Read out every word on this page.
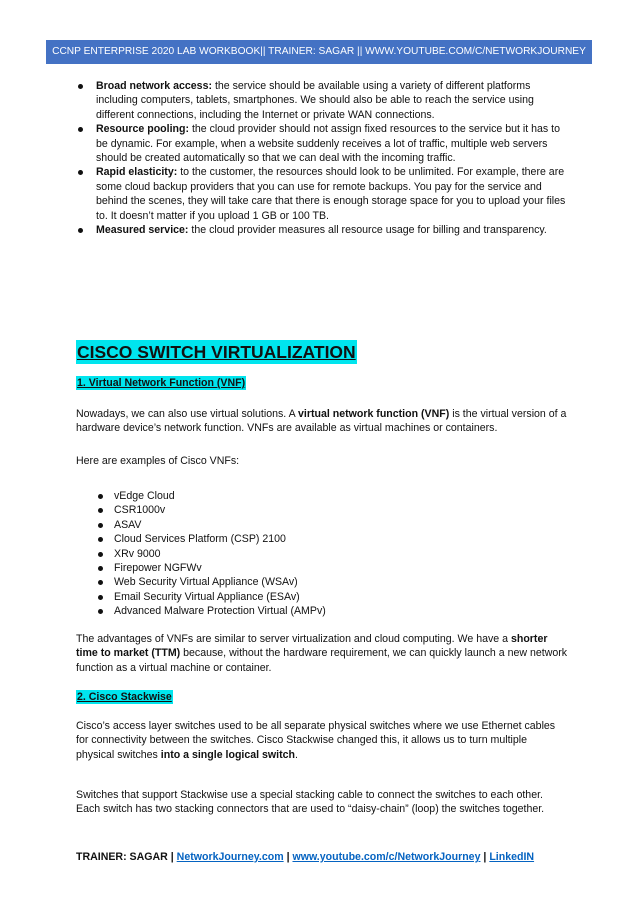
CCNP ENTERPRISE 2020 LAB WORKBOOK|| TRAINER: SAGAR || WWW.YOUTUBE.COM/C/NETWORKJOURNEY
Broad network access: the service should be available using a variety of different platforms including computers, tablets, smartphones. We should also be able to reach the service using different connections, including the Internet or private WAN connections.
Resource pooling: the cloud provider should not assign fixed resources to the service but it has to be dynamic. For example, when a website suddenly receives a lot of traffic, multiple web servers should be created automatically so that we can deal with the incoming traffic.
Rapid elasticity: to the customer, the resources should look to be unlimited. For example, there are some cloud backup providers that you can use for remote backups. You pay for the service and behind the scenes, they will take care that there is enough storage space for you to upload your files to. It doesn’t matter if you upload 1 GB or 100 TB.
Measured service: the cloud provider measures all resource usage for billing and transparency.
CISCO SWITCH VIRTUALIZATION
1. Virtual Network Function (VNF)

Nowadays, we can also use virtual solutions. A virtual network function (VNF) is the virtual version of a hardware device’s network function. VNFs are available as virtual machines or containers.

Here are examples of Cisco VNFs:

vEdge Cloud
CSR1000v
ASAV
Cloud Services Platform (CSP) 2100
XRv 9000
Firepower NGFWv
Web Security Virtual Appliance (WSAv)
Email Security Virtual Appliance (ESAv)
Advanced Malware Protection Virtual (AMPv)

The advantages of VNFs are similar to server virtualization and cloud computing. We have a shorter time to market (TTM) because, without the hardware requirement, we can quickly launch a new network function as a virtual machine or container.

2. Cisco Stackwise

Cisco’s access layer switches used to be all separate physical switches where we use Ethernet cables for connectivity between the switches. Cisco Stackwise changed this, it allows us to turn multiple physical switches into a single logical switch.

Switches that support Stackwise use a special stacking cable to connect the switches to each other. Each switch has two stacking connectors that are used to “daisy-chain” (loop) the switches together.

TRAINER: SAGAR | NetworkJourney.com | www.youtube.com/c/NetworkJourney | LinkedIN
